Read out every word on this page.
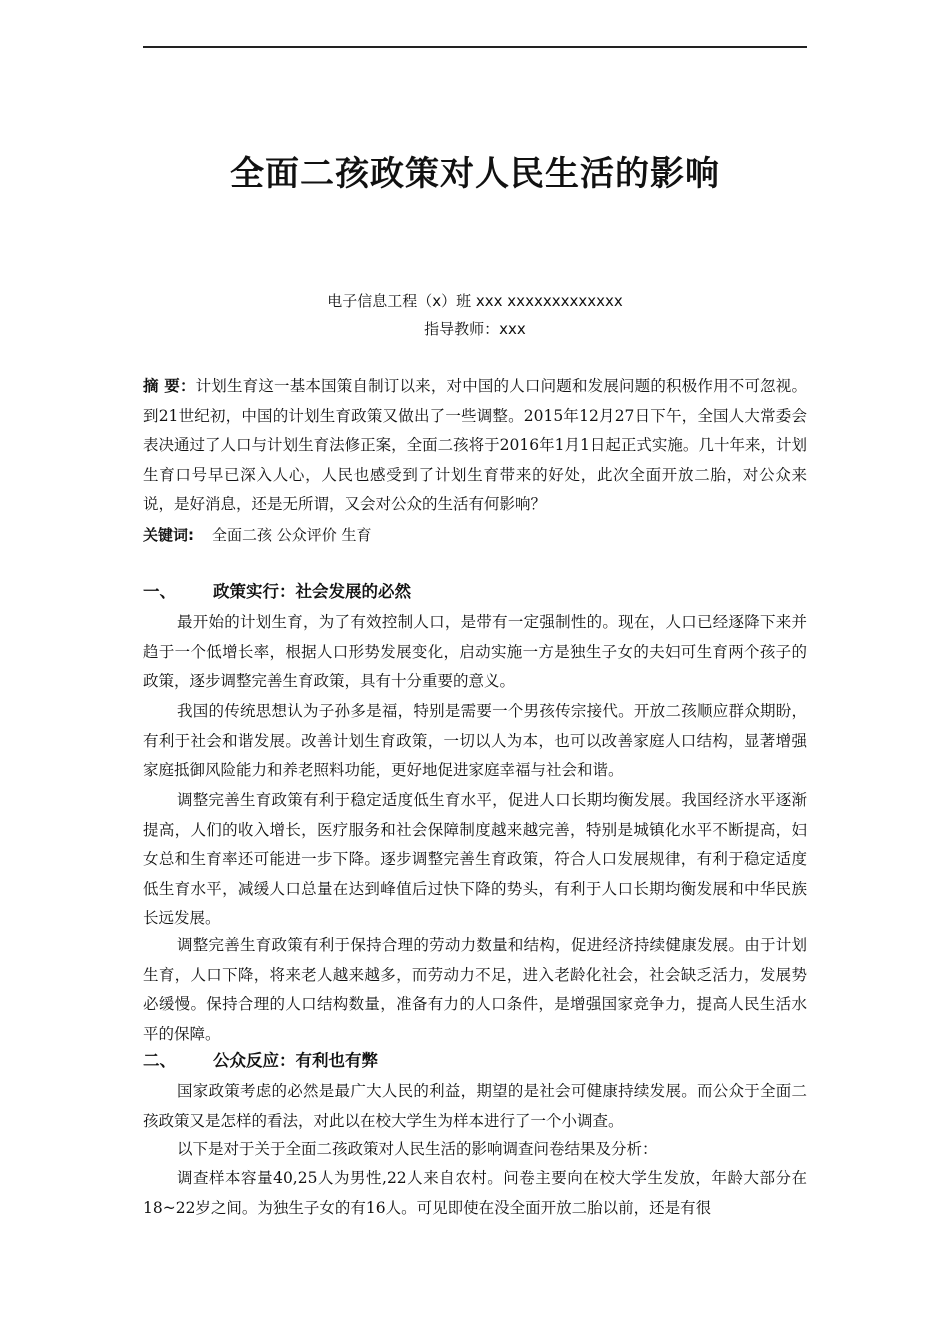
全面二孩政策对人民生活的影响
电子信息工程（x）班 xxx xxxxxxxxxxxxx
指导教师：xxx
摘 要：计划生育这一基本国策自制订以来，对中国的人口问题和发展问题的积极作用不可忽视。到21世纪初，中国的计划生育政策又做出了一些调整。2015年12月27日下午，全国人大常委会表决通过了人口与计划生育法修正案，全面二孩将于2016年1月1日起正式实施。几十年来，计划生育口号早已深入人心，人民也感受到了计划生育带来的好处，此次全面开放二胎，对公众来说，是好消息，还是无所谓，又会对公众的生活有何影响？
关键词: 全面二孩 公众评价 生育
一、 政策实行：社会发展的必然

最开始的计划生育，为了有效控制人口，是带有一定强制性的。现在，人口已经逐降下来并趋于一个低增长率，根据人口形势发展变化，启动实施一方是独生子女的夫妇可生育两个孩子的政策，逐步调整完善生育政策，具有十分重要的意义。

我国的传统思想认为子孙多是福，特别是需要一个男孩传宗接代。开放二孩顺应群众期盼，有利于社会和谐发展。改善计划生育政策，一切以人为本，也可以改善家庭人口结构，显著增强家庭抵御风险能力和养老照料功能，更好地促进家庭幸福与社会和谐。

调整完善生育政策有利于稳定适度低生育水平，促进人口长期均衡发展。我国经济水平逐渐提高，人们的收入增长，医疗服务和社会保障制度越来越完善，特别是城镇化水平不断提高，妇女总和生育率还可能进一步下降。逐步调整完善生育政策，符合人口发展规律，有利于稳定适度低生育水平，减缓人口总量在达到峰值后过快下降的势头，有利于人口长期均衡发展和中华民族长远发展。

调整完善生育政策有利于保持合理的劳动力数量和结构，促进经济持续健康发展。由于计划生育，人口下降，将来老人越来越多，而劳动力不足，进入老龄化社会，社会缺乏活力，发展势必缓慢。保持合理的人口结构数量，准备有力的人口条件，是增强国家竞争力，提高人民生活水平的保障。

二、 公众反应：有利也有弊

国家政策考虑的必然是最广大人民的利益，期望的是社会可健康持续发展。而公众于全面二孩政策又是怎样的看法，对此以在校大学生为样本进行了一个小调查。

以下是对于关于全面二孩政策对人民生活的影响调查问卷结果及分析：

调查样本容量40,25人为男性,22人来自农村。问卷主要向在校大学生发放，年龄大部分在18~22岁之间。为独生子女的有16人。可见即使在没全面开放二胎以前，还是有很
